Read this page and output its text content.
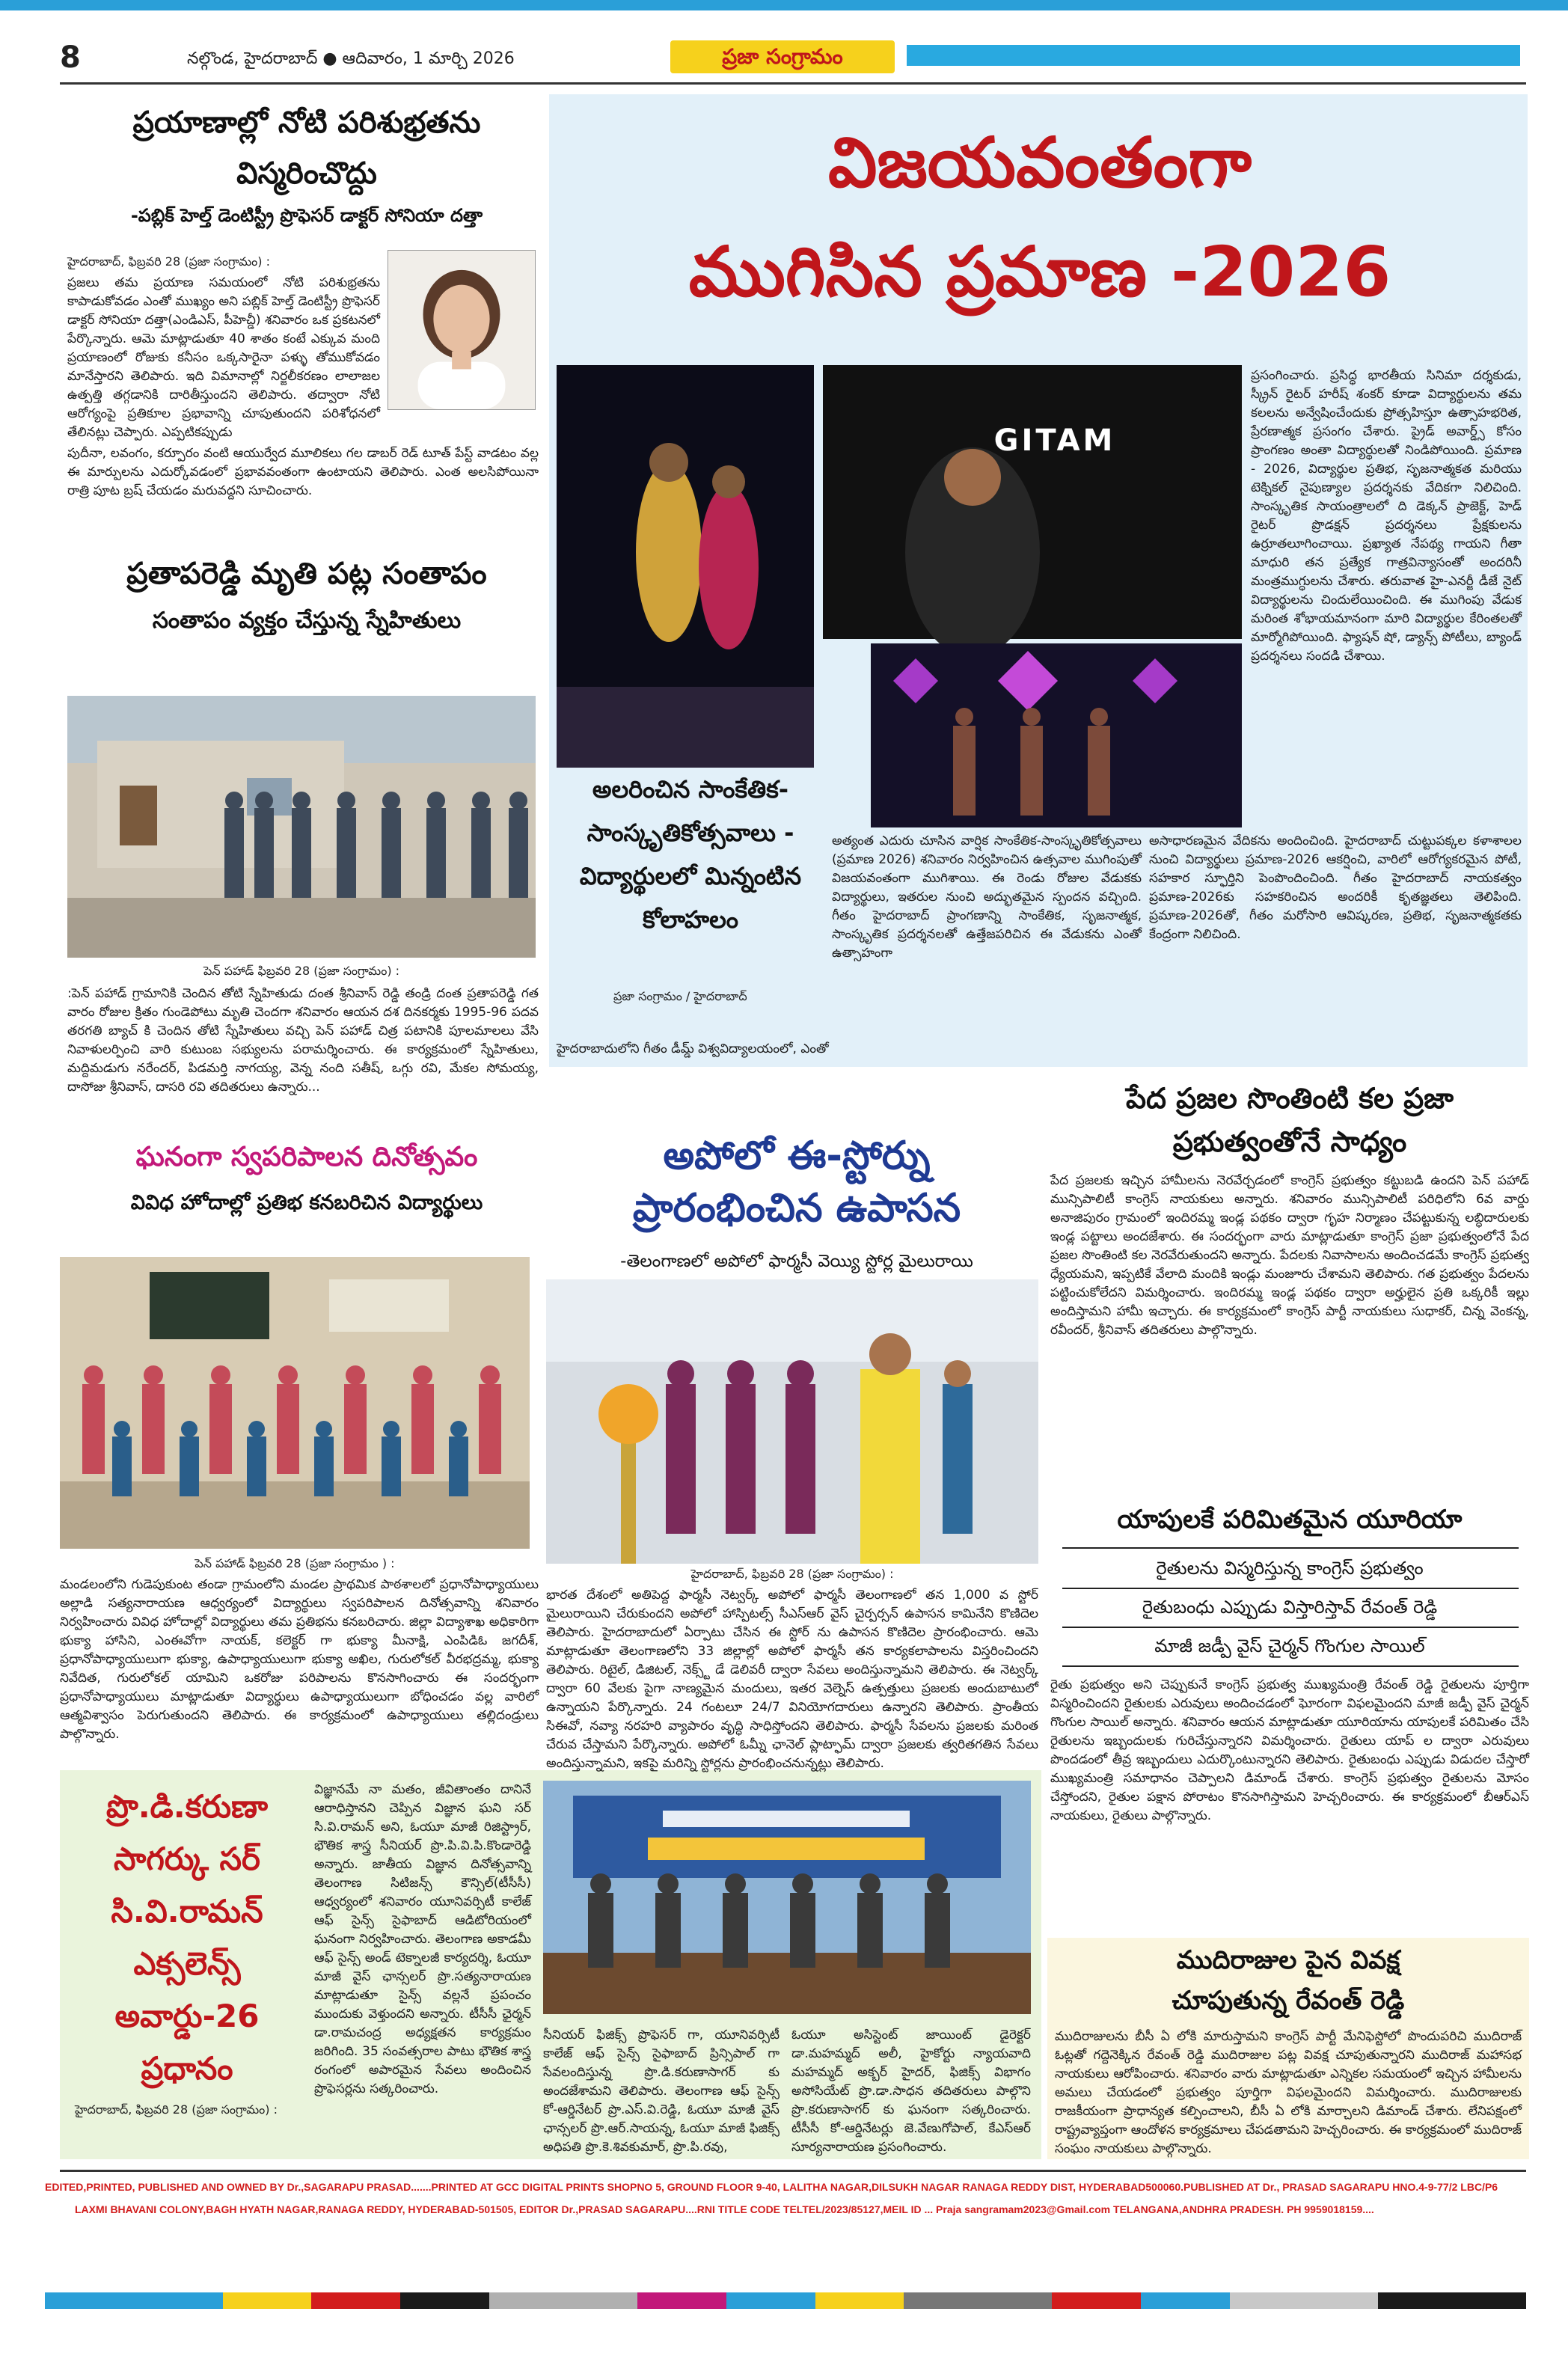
8	నల్గొండ, హైదరాబాద్ ● ఆదివారం, 1 మార్చి 2026	ప్రజా సంగ్రామం
ప్రయాణాల్లో నోటి పరిశుభ్రతను విస్మరించొద్దు
-పబ్లిక్ హెల్త్ డెంటిస్ట్రీ ప్రొఫెసర్ డాక్టర్ సోనియా దత్తా
హైదరాబాద్, ఫిబ్రవరి 28 (ప్రజా సంగ్రామం) :
ప్రజలు తమ ప్రయాణ సమయంలో నోటి పరిశుభ్రతను కాపాడుకోవడం ఎంతో ముఖ్యం అని పబ్లిక్ హెల్త్ డెంటిస్ట్రీ ప్రొఫెసర్ డాక్టర్ సోనియా దత్తా(ఎండిఎస్, పీహెచ్డీ) శనివారం ఒక ప్రకటనలో పేర్కొన్నారు. ఆమె మాట్లాడుతూ 40 శాతం కంటే ఎక్కువ మంది ప్రయాణంలో రోజుకు కనీసం ఒక్కసారైనా పళ్ళు తోముకోవడం మానేస్తారని తెలిపారు. ఇది విమానాల్లో నిర్జలీకరణం లాలాజల ఉత్పత్తి తగ్గడానికి దారితీస్తుందని తెలిపారు. తద్వారా నోటి ఆరోగ్యంపై ప్రతికూల ప్రభావాన్ని చూపుతుందని పరిశోధనలో తేలినట్లు చెప్పారు. ఎప్పటికప్పుడు
పుదీనా, లవంగం, కర్పూరం వంటి ఆయుర్వేద మూలికలు గల డాబర్ రెడ్ టూత్ పేస్ట్ వాడటం వల్ల ఈ మార్పులను ఎదుర్కోవడంలో ప్రభావవంతంగా ఉంటాయని తెలిపారు. ఎంత అలసిపోయినా రాత్రి పూట బ్రష్ చేయడం మరువద్దని సూచించారు.
ప్రతాపరెడ్డి మృతి పట్ల సంతాపం
సంతాపం వ్యక్తం చేస్తున్న స్నేహితులు
పెన్ పహాడ్ ఫిబ్రవరి 28 (ప్రజా సంగ్రామం) :
:పెన్ పహాడ్ గ్రామానికి చెందిన తోటి స్నేహితుడు దంత శ్రీనివాస్ రెడ్డి తండ్రి దంత ప్రతాపరెడ్డి గత వారం రోజుల క్రితం గుండెపోటు మృతి చెందగా శనివారం ఆయన దశ దినకర్మకు 1995-96 పదవ తరగతి బ్యాచ్ కి చెందిన తోటి స్నేహితులు వచ్చి పెన్ పహాడ్ చిత్ర పటానికి పూలమాలలు వేసి నివాళులర్పించి వారి కుటుంబ సభ్యులను పరామర్శించారు. ఈ కార్యక్రమంలో స్నేహితులు, మద్దిమడుగు నరేందర్, పిడమర్తి నాగయ్య, వెన్న నంది సతీష్, ఒగ్గు రవి, మేకల సోమయ్య, దాసోజు శ్రీనివాస్, దాసరి రవి తదితరులు ఉన్నారు...
ఘనంగా స్వపరిపాలన దినోత్సవం
వివిధ హోదాల్లో ప్రతిభ కనబరిచిన విద్యార్థులు
పెన్ పహాడ్ ఫిబ్రవరి 28 (ప్రజా సంగ్రామం ) :
మండలంలోని గుడెపుకుంట తండా గ్రామంలోని మండల ప్రాథమిక పాఠశాలలో ప్రధానోపాధ్యాయులు అల్లాడి సత్యనారాయణ ఆధ్వర్యంలో విద్యార్థులు స్వపరిపాలన దినోత్సవాన్ని శనివారం నిర్వహించారు వివిధ హోదాల్లో విద్యార్థులు తమ ప్రతిభను కనబరిచారు. జిల్లా విద్యాశాఖ అధికారిగా భుక్యా హాసిని, ఎంఈవోగా నాయక్, కలెక్టర్ గా భుక్యా మీనాక్షి, ఎంపిడిఓ జగదీశ్, ప్రధానోపాధ్యాయులుగా భుక్యా, ఉపాధ్యాయులుగా భుక్యా అఖిల, గురులోకల్ వీరభద్రమ్మ, భుక్యా నివేదిత, గురులోకల్ యామిని ఒకరోజు పరిపాలను కొనసాగించారు ఈ సందర్భంగా ప్రధానోపాధ్యాయులు మాట్లాడుతూ విద్యార్థులు ఉపాధ్యాయులుగా బోధించడం వల్ల వారిలో ఆత్మవిశ్వాసం పెరుగుతుందని తెలిపారు. ఈ కార్యక్రమంలో ఉపాధ్యాయులు తల్లిదండ్రులు పాల్గొన్నారు.
ప్రొ.డి.కరుణా సాగర్కు సర్ సి.వి.రామన్ ఎక్సలెన్స్ అవార్డు-26 ప్రధానం
హైదరాబాద్, ఫిబ్రవరి 28 (ప్రజా సంగ్రామం) :
విజ్ఞానమే నా మతం, జీవితాంతం దానినే ఆరాధిస్తానని చెప్పిన విజ్ఞాన ఘని సర్ సి.వి.రామన్ అని, ఓయూ మాజీ రిజిస్ట్రార్, భౌతిక శాస్త్ర సీనియర్ ప్రొ.పి.వి.పి.కొండారెడ్డి అన్నారు. జాతీయ విజ్ఞాన దినోత్సవాన్ని తెలంగాణ సిటిజన్స్ కౌన్సిల్(టీసీసీ) ఆధ్వర్యంలో శనివారం యూనివర్సిటీ కాలేజ్ ఆఫ్ సైన్స్ సైఫాబాద్ ఆడిటోరియంలో ఘనంగా నిర్వహించారు. తెలంగాణ అకాడమీ ఆఫ్ సైన్స్ అండ్ టెక్నాలజీ కార్యదర్శి, ఓయూ మాజీ వైస్ ఛాన్సలర్ ప్రొ.సత్యనారాయణ మాట్లాడుతూ సైన్స్ వల్లనే ప్రపంచం ముందుకు వెళ్తుందని అన్నారు. టీసీసీ ఛైర్మన్ డా.రామచంద్ర అధ్యక్షతన కార్యక్రమం జరిగింది. 35 సంవత్సరాల పాటు భౌతిక శాస్త్ర రంగంలో అపారమైన సేవలు అందించిన ప్రొఫెసర్లను సత్కరించారు.
సీనియర్ ఫిజిక్స్ ప్రొఫెసర్ గా, యూనివర్సిటీ కాలేజ్ ఆఫ్ సైన్స్ సైఫాబాద్ ప్రిన్సిపాల్ గా సేవలందిస్తున్న ప్రొ.డి.కరుణాసాగర్ కు అందజేశామని తెలిపారు. తెలంగాణ ఆఫ్ సైన్స్ కో-ఆర్డినేటర్ ప్రొ.ఎస్.వి.రెడ్డి, ఓయూ మాజీ వైస్ ఛాన్సలర్ ప్రొ.ఆర్.సాయన్న, ఓయూ మాజీ ఫిజిక్స్ అధిపతి ప్రొ.కె.శివకుమార్, ప్రొ.పి.రవు,
ఓయూ అసిస్టెంట్ జాయింట్ డైరెక్టర్ డా.మహమ్మద్ అలీ, హైకోర్టు న్యాయవాది మహమ్మద్ అక్బర్ హైదర్, ఫిజిక్స్ విభాగం అసోసియేట్ ప్రొ.డా.సాధన తదితరులు పాల్గొని ప్రొ.కరుణాసాగర్ కు ఘనంగా సత్కరించారు. టీసీసీ కో-ఆర్డినేటర్లు జె.వేణుగోపాల్, కేఎస్ఆర్ సూర్యనారాయణ ప్రసంగించారు.
విజయవంతంగా
ముగిసిన ప్రమాణ -2026
GITAM
ప్రసంగించారు. ప్రసిద్ధ భారతీయ సినిమా దర్శకుడు, స్క్రీన్ రైటర్ హరీష్ శంకర్ కూడా విద్యార్థులను తమ కలలను అన్వేషించేందుకు ప్రోత్సహిస్తూ ఉత్సాహభరిత, ప్రేరణాత్మక ప్రసంగం చేశారు. ప్రైడ్ అవార్డ్స్ కోసం ప్రాంగణం అంతా విద్యార్థులతో నిండిపోయింది. ప్రమాణ - 2026, విద్యార్థుల ప్రతిభ, సృజనాత్మకత మరియు టెక్నికల్ నైపుణ్యాల ప్రదర్శనకు వేదికగా నిలిచింది. సాంస్కృతిక సాయంత్రాలలో ది డెక్కన్ ప్రాజెక్ట్, హెడ్ రైటర్ ప్రొడక్షన్ ప్రదర్శనలు ప్రేక్షకులను ఉర్రూతలూగించాయి. ప్రఖ్యాత నేపథ్య గాయని గీతా మాధురి తన ప్రత్యేక గాత్రవిన్యాసంతో అందరినీ మంత్రముగ్ధులను చేశారు. తరువాత హై-ఎనర్జీ డీజే నైట్ విద్యార్థులను చిందులేయించింది. ఈ ముగింపు వేడుక మరింత శోభాయమానంగా మారి విద్యార్థుల కేరింతలతో మార్మోగిపోయింది. ఫ్యాషన్ షో, డ్యాన్స్ పోటీలు, బ్యాండ్ ప్రదర్శనలు సందడి చేశాయి.
అలరించిన సాంకేతిక-సాంస్కృతికోత్సవాలు - విద్యార్థులలో మిన్నంటిన కోలాహలం
ప్రజా సంగ్రామం / హైదరాబాద్
హైదరాబాదులోని గీతం డీమ్డ్ విశ్వవిద్యాలయంలో, ఎంతో
అత్యంత ఎదురు చూసిన వార్షిక సాంకేతిక-సాంస్కృతికోత్సవాలు (ప్రమాణ 2026) శనివారం నిర్వహించిన ఉత్సవాల ముగింపుతో విజయవంతంగా ముగిశాయి. ఈ రెండు రోజుల వేడుకకు విద్యార్థులు, ఇతరుల నుంచి అద్భుతమైన స్పందన వచ్చింది. గీతం హైదరాబాద్ ప్రాంగణాన్ని సాంకేతిక, సృజనాత్మక, సాంస్కృతిక ప్రదర్శనలతో ఉత్తేజపరిచిన ఈ వేడుకను ఎంతో ఉత్సాహంగా
అసాధారణమైన వేదికను అందించింది. హైదరాబాద్ చుట్టుపక్కల కళాశాలల నుంచి విద్యార్థులు ప్రమాణ-2026 ఆకర్షించి, వారిలో ఆరోగ్యకరమైన పోటీ, సహకార స్ఫూర్తిని పెంపొందించింది. గీతం హైదరాబాద్ నాయకత్వం ప్రమాణ-2026కు సహకరించిన అందరికీ కృతజ్ఞతలు తెలిపింది. ప్రమాణ-2026తో, గీతం మరోసారి ఆవిష్కరణ, ప్రతిభ, సృజనాత్మకతకు కేంద్రంగా నిలిచింది.
అపోలో ఈ-స్టోర్ను
ప్రారంభించిన ఉపాసన
-తెలంగాణలో అపోలో ఫార్మసీ వెయ్యి స్టోర్ల మైలురాయి
హైదరాబాద్, ఫిబ్రవరి 28 (ప్రజా సంగ్రామం) :
భారత దేశంలో అతిపెద్ద ఫార్మసీ నెట్వర్క్ అపోలో ఫార్మసీ తెలంగాణలో తన 1,000 వ స్టోర్ మైలురాయిని చేరుకుందని అపోలో హాస్పిటల్స్ సీఎస్ఆర్ వైస్ చైర్పర్సన్ ఉపాసన కామినేని కొణిదెల తెలిపారు. హైదరాబాదులో ఏర్పాటు చేసిన ఈ స్టోర్ ను ఉపాసన కొణిదెల ప్రారంభించారు. ఆమె మాట్లాడుతూ తెలంగాణలోని 33 జిల్లాల్లో అపోలో ఫార్మసీ తన కార్యకలాపాలను విస్తరించిందని తెలిపారు. రిటైల్, డిజిటల్, నెక్స్ట్ డే డెలివరీ ద్వారా సేవలు అందిస్తున్నామని తెలిపారు. ఈ నెట్వర్క్ ద్వారా 60 వేలకు పైగా నాణ్యమైన మందులు, ఇతర వెల్నెస్ ఉత్పత్తులు ప్రజలకు అందుబాటులో ఉన్నాయని పేర్కొన్నారు. 24 గంటలూ 24/7 వినియోగదారులు ఉన్నారని తెలిపారు. ప్రాంతీయ సిఈవో, నవ్యా నరహరి వ్యాపారం వృద్ధి సాధిస్తోందని తెలిపారు. ఫార్మసీ సేవలను ప్రజలకు మరింత చేరువ చేస్తామని పేర్కొన్నారు. అపోలో ఓమ్నీ ఛానెల్ ప్లాట్ఫామ్ ద్వారా ప్రజలకు త్వరితగతిన సేవలు అందిస్తున్నామని, ఇకపై మరిన్ని స్టోర్లను ప్రారంభించనున్నట్లు తెలిపారు.
పేద ప్రజల సొంతింటి కల ప్రజా
ప్రభుత్వంతోనే సాధ్యం
పేద ప్రజలకు ఇచ్చిన హామీలను నెరవేర్చడంలో కాంగ్రెస్ ప్రభుత్వం కట్టుబడి ఉందని పెన్ పహాడ్ మున్సిపాలిటీ కాంగ్రెస్ నాయకులు అన్నారు. శనివారం మున్సిపాలిటీ పరిధిలోని 6వ వార్డు అనాజిపురం గ్రామంలో ఇందిరమ్మ ఇండ్ల పథకం ద్వారా గృహ నిర్మాణం చేపట్టుకున్న లబ్ధిదారులకు ఇండ్ల పట్టాలు అందజేశారు. ఈ సందర్భంగా వారు మాట్లాడుతూ కాంగ్రెస్ ప్రజా ప్రభుత్వంలోనే పేద ప్రజల సొంతింటి కల నెరవేరుతుందని అన్నారు. పేదలకు నివాసాలను అందించడమే కాంగ్రెస్ ప్రభుత్వ ధ్యేయమని, ఇప్పటికే వేలాది మందికి ఇండ్లు మంజూరు చేశామని తెలిపారు. గత ప్రభుత్వం పేదలను పట్టించుకోలేదని విమర్శించారు. ఇందిరమ్మ ఇండ్ల పథకం ద్వారా అర్హులైన ప్రతి ఒక్కరికీ ఇల్లు అందిస్తామని హామీ ఇచ్చారు. ఈ కార్యక్రమంలో కాంగ్రెస్ పార్టీ నాయకులు సుధాకర్, చిన్న వెంకన్న, రవీందర్, శ్రీనివాస్ తదితరులు పాల్గొన్నారు.
యాపులకే పరిమితమైన యూరియా
రైతులను విస్మరిస్తున్న కాంగ్రెస్ ప్రభుత్వం
రైతుబంధు ఎప్పుడు విస్తారిస్తావ్ రేవంత్ రెడ్డి
మాజీ జడ్పీ వైస్ చైర్మన్ గొంగుల సాయిల్
రైతు ప్రభుత్వం అని చెప్పుకునే కాంగ్రెస్ ప్రభుత్వ ముఖ్యమంత్రి రేవంత్ రెడ్డి రైతులను పూర్తిగా విస్మరించిందని రైతులకు ఎరువులు అందించడంలో ఘోరంగా విఫలమైందని మాజీ జడ్పీ వైస్ చైర్మన్ గొంగుల సాయిల్ అన్నారు. శనివారం ఆయన మాట్లాడుతూ యూరియాను యాపులకే పరిమితం చేసి రైతులను ఇబ్బందులకు గురిచేస్తున్నారని విమర్శించారు. రైతులు యాప్ ల ద్వారా ఎరువులు పొందడంలో తీవ్ర ఇబ్బందులు ఎదుర్కొంటున్నారని తెలిపారు. రైతుబంధు ఎప్పుడు విడుదల చేస్తారో ముఖ్యమంత్రి సమాధానం చెప్పాలని డిమాండ్ చేశారు. కాంగ్రెస్ ప్రభుత్వం రైతులను మోసం చేస్తోందని, రైతుల పక్షాన పోరాటం కొనసాగిస్తామని హెచ్చరించారు. ఈ కార్యక్రమంలో బీఆర్ఎస్ నాయకులు, రైతులు పాల్గొన్నారు.
ముదిరాజుల పైన వివక్ష
చూపుతున్న రేవంత్ రెడ్డి
ముదిరాజులను బీసీ ఏ లోకి మారుస్తామని కాంగ్రెస్ పార్టీ మేనిఫెస్టోలో పొందుపరిచి ముదిరాజ్ ఓట్లతో గద్దెనెక్కిన రేవంత్ రెడ్డి ముదిరాజుల పట్ల వివక్ష చూపుతున్నారని ముదిరాజ్ మహాసభ నాయకులు ఆరోపించారు. శనివారం వారు మాట్లాడుతూ ఎన్నికల సమయంలో ఇచ్చిన హామీలను అమలు చేయడంలో ప్రభుత్వం పూర్తిగా విఫలమైందని విమర్శించారు. ముదిరాజులకు రాజకీయంగా ప్రాధాన్యత కల్పించాలని, బీసీ ఏ లోకి మార్చాలని డిమాండ్ చేశారు. లేనిపక్షంలో రాష్ట్రవ్యాప్తంగా ఆందోళన కార్యక్రమాలు చేపడతామని హెచ్చరించారు. ఈ కార్యక్రమంలో ముదిరాజ్ సంఘం నాయకులు పాల్గొన్నారు.
EDITED,PRINTED, PUBLISHED AND OWNED BY Dr.,SAGARAPU PRASAD.......PRINTED AT GCC DIGITAL PRINTS SHOPNO 5, GROUND FLOOR 9-40, LALITHA NAGAR,DILSUKH NAGAR RANAGA REDDY DIST, HYDERABAD500060.PUBLISHED AT Dr., PRASAD SAGARAPU HNO.4-9-77/2 LBC/P6
LAXMI BHAVANI COLONY,BAGH HYATH NAGAR,RANAGA REDDY, HYDERABAD-501505, EDITOR Dr.,PRASAD SAGARAPU....RNI TITLE CODE TELTEL/2023/85127,MEIL ID ... Praja sangramam2023@Gmail.com TELANGANA,ANDHRA PRADESH. PH 9959018159....
